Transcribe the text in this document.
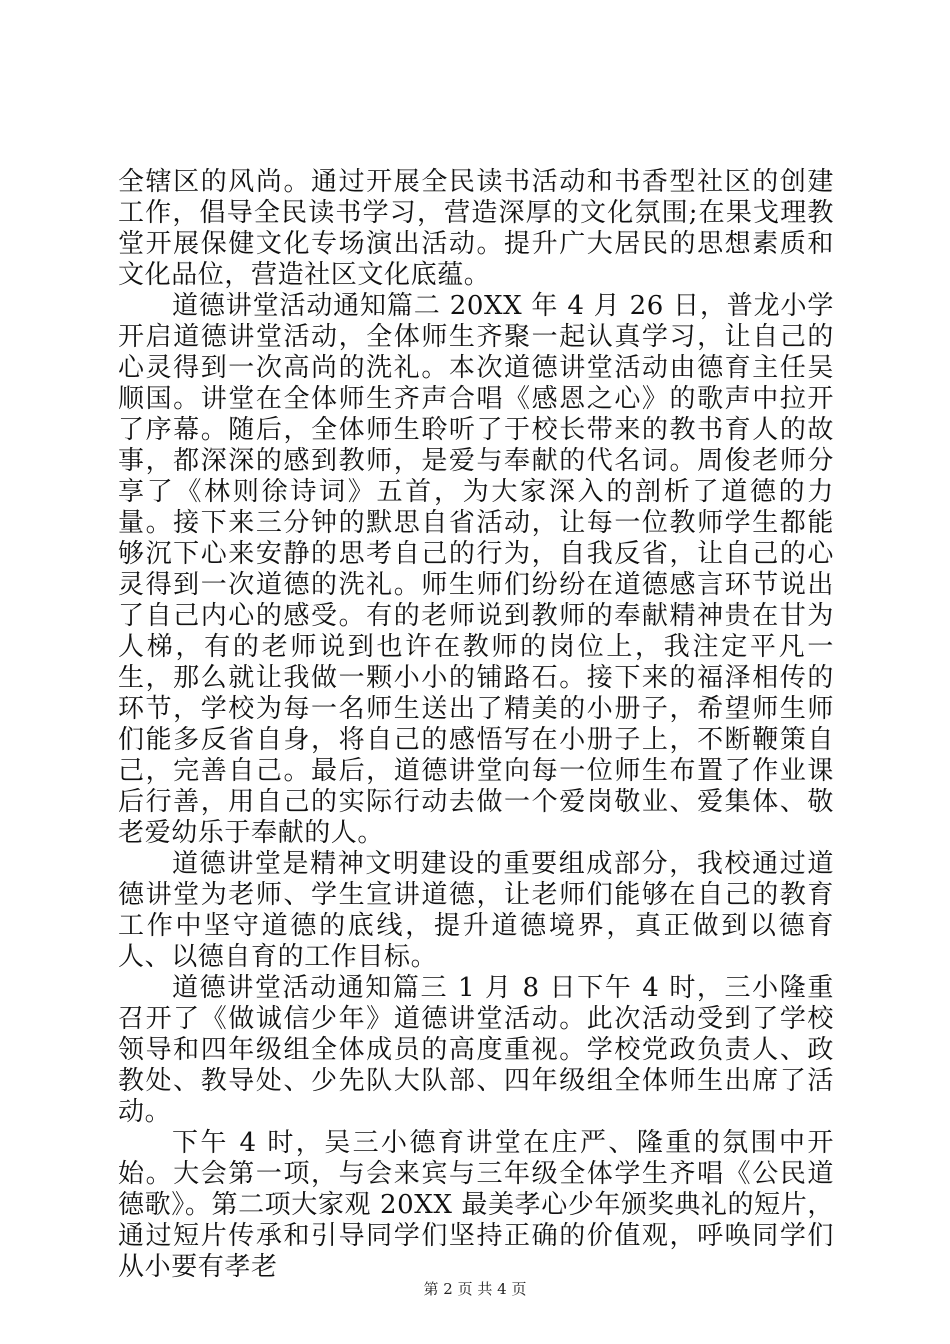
全辖区的风尚。通过开展全民读书活动和书香型社区的创建工作，倡导全民读书学习，营造深厚的文化氛围;在果戈理教堂开展保健文化专场演出活动。提升广大居民的思想素质和文化品位，营造社区文化底蕴。

道德讲堂活动通知篇二 20XX 年 4 月 26 日，普龙小学开启道德讲堂活动，全体师生齐聚一起认真学习，让自己的心灵得到一次高尚的洗礼。本次道德讲堂活动由德育主任吴顺国。讲堂在全体师生齐声合唱《感恩之心》的歌声中拉开了序幕。随后，全体师生聆听了于校长带来的教书育人的故事，都深深的感到教师，是爱与奉献的代名词。周俊老师分享了《林则徐诗词》五首，为大家深入的剖析了道德的力量。接下来三分钟的默思自省活动，让每一位教师学生都能够沉下心来安静的思考自己的行为，自我反省，让自己的心灵得到一次道德的洗礼。师生师们纷纷在道德感言环节说出了自己内心的感受。有的老师说到教师的奉献精神贵在甘为人梯，有的老师说到也许在教师的岗位上，我注定平凡一生，那么就让我做一颗小小的铺路石。接下来的福泽相传的环节，学校为每一名师生送出了精美的小册子，希望师生师们能多反省自身，将自己的感悟写在小册子上，不断鞭策自己，完善自己。最后，道德讲堂向每一位师生布置了作业课后行善，用自己的实际行动去做一个爱岗敬业、爱集体、敬老爱幼乐于奉献的人。

道德讲堂是精神文明建设的重要组成部分，我校通过道德讲堂为老师、学生宣讲道德，让老师们能够在自己的教育工作中坚守道德的底线，提升道德境界，真正做到以德育人、以德自育的工作目标。

道德讲堂活动通知篇三 1 月 8 日下午 4 时，三小隆重召开了《做诚信少年》道德讲堂活动。此次活动受到了学校领导和四年级组全体成员的高度重视。学校党政负责人、政教处、教导处、少先队大队部、四年级组全体师生出席了活动。

下午 4 时，吴三小德育讲堂在庄严、隆重的氛围中开始。大会第一项，与会来宾与三年级全体学生齐唱《公民道德歌》。第二项大家观 20XX 最美孝心少年颁奖典礼的短片，通过短片传承和引导同学们坚持正确的价值观，呼唤同学们从小要有孝老

第 2 页 共 4 页
